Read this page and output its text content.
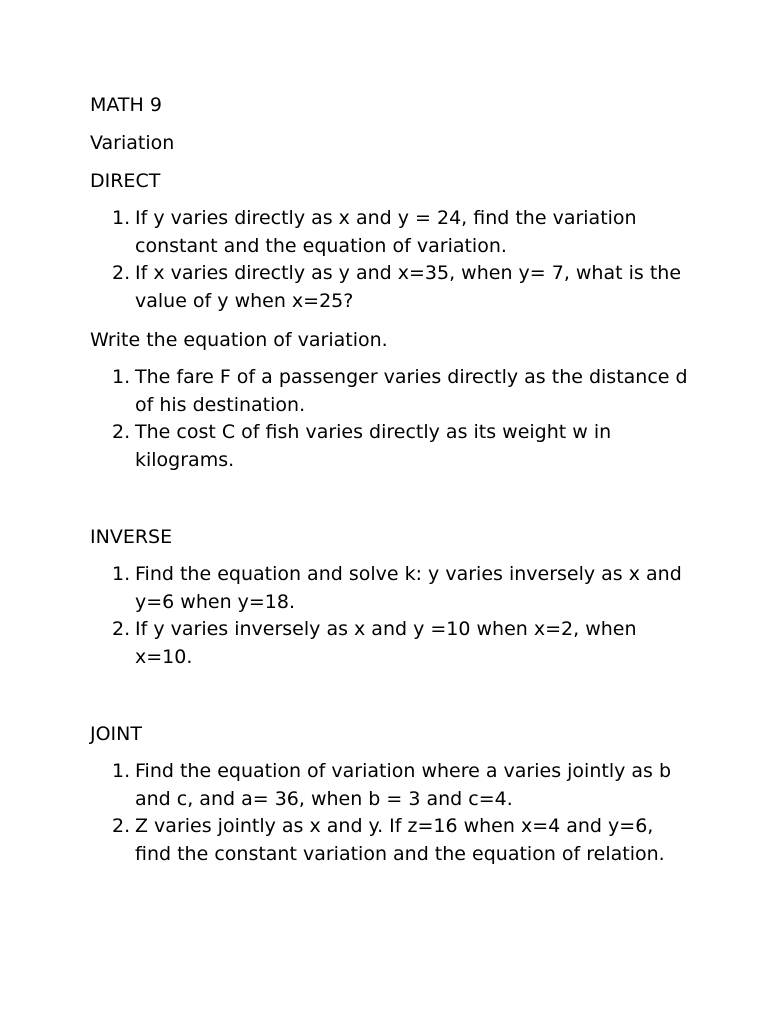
MATH 9
Variation
DIRECT
1. If y varies directly as x and y = 24, find the variation constant and the equation of variation.
2. If x varies directly as y and x=35, when y= 7, what is the value of y when x=25?
Write the equation of variation.
1. The fare F of a passenger varies directly as the distance d of his destination.
2. The cost C of fish varies directly as its weight w in kilograms.
INVERSE
1. Find the equation and solve k: y varies inversely as x and y=6 when y=18.
2. If y varies inversely as x and y =10 when x=2, when x=10.
JOINT
1. Find the equation of variation where a varies jointly as b and c, and a= 36, when b = 3 and c=4.
2. Z varies jointly as x and y. If z=16 when x=4 and y=6, find the constant variation and the equation of relation.
